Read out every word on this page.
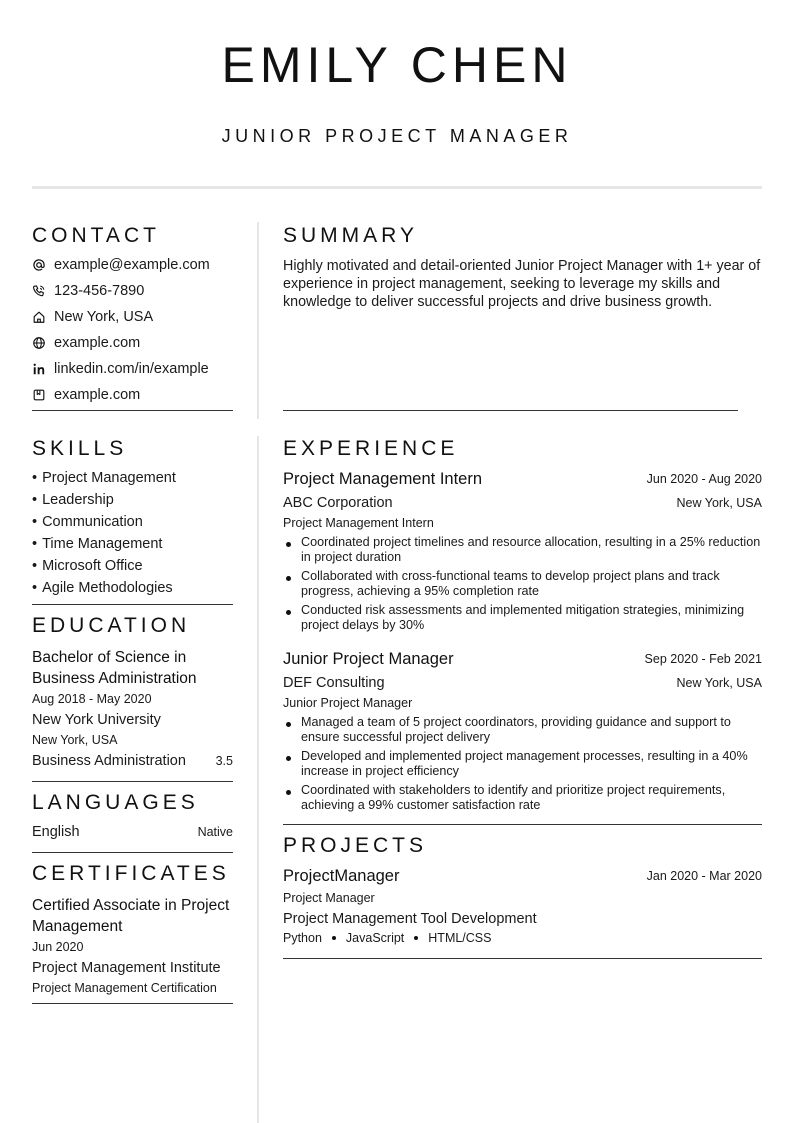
EMILY CHEN
JUNIOR PROJECT MANAGER
CONTACT
example@example.com
123-456-7890
New York, USA
example.com
linkedin.com/in/example
example.com
SUMMARY
Highly motivated and detail-oriented Junior Project Manager with 1+ year of experience in project management, seeking to leverage my skills and knowledge to deliver successful projects and drive business growth.
SKILLS
• Project Management
• Leadership
• Communication
• Time Management
• Microsoft Office
• Agile Methodologies
EDUCATION
Bachelor of Science in Business Administration
Aug 2018 - May 2020
New York University
New York, USA
Business Administration	3.5
LANGUAGES
English	Native
CERTIFICATES
Certified Associate in Project Management
Jun 2020
Project Management Institute
Project Management Certification
EXPERIENCE
Project Management Intern	Jun 2020 - Aug 2020
ABC Corporation	New York, USA
Project Management Intern
Coordinated project timelines and resource allocation, resulting in a 25% reduction in project duration
Collaborated with cross-functional teams to develop project plans and track progress, achieving a 95% completion rate
Conducted risk assessments and implemented mitigation strategies, minimizing project delays by 30%
Junior Project Manager	Sep 2020 - Feb 2021
DEF Consulting	New York, USA
Junior Project Manager
Managed a team of 5 project coordinators, providing guidance and support to ensure successful project delivery
Developed and implemented project management processes, resulting in a 40% increase in project efficiency
Coordinated with stakeholders to identify and prioritize project requirements, achieving a 99% customer satisfaction rate
PROJECTS
ProjectManager	Jan 2020 - Mar 2020
Project Manager
Project Management Tool Development
Python JavaScript HTML/CSS
